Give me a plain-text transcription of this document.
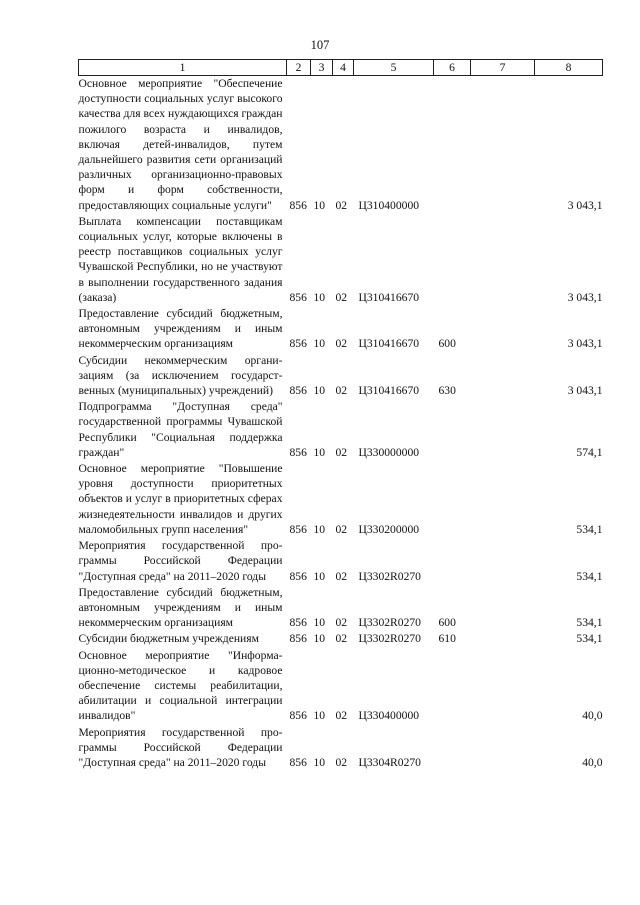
107
1	2	3	4	5	6	7	8
Основное мероприятие "Обеспечение доступности социальных услуг высокого качества для всех нуждающихся граждан пожилого возраста и инвалидов, включая детей-инвалидов, путем дальнейшего развития сети организаций различных организационно-правовых форм и форм собственности, предоставляющих социальные услуги"	856	10	02	Ц310400000			3 043,1
Выплата компенсации поставщикам социальных услуг, которые включены в реестр поставщиков социальных услуг Чувашской Республики, но не участвуют в выполнении государственного задания (заказа)	856	10	02	Ц310416670			3 043,1
Предоставление субсидий бюджетным, автономным учреждениям и иным некоммерческим организациям	856	10	02	Ц310416670	600		3 043,1
Субсидии некоммерческим организациям (за исключением государственных (муниципальных) учреждений)	856	10	02	Ц310416670	630		3 043,1
Подпрограмма "Доступная среда" государственной программы Чувашской Республики "Социальная поддержка граждан"	856	10	02	Ц330000000			574,1
Основное мероприятие "Повышение уровня доступности приоритетных объектов и услуг в приоритетных сферах жизнедеятельности инвалидов и других маломобильных групп населения"	856	10	02	Ц330200000			534,1
Мероприятия государственной программы Российской Федерации "Доступная среда" на 2011–2020 годы	856	10	02	Ц3302R0270			534,1
Предоставление субсидий бюджетным, автономным учреждениям и иным некоммерческим организациям	856	10	02	Ц3302R0270	600		534,1
Субсидии бюджетным учреждениям	856	10	02	Ц3302R0270	610		534,1
Основное мероприятие "Информационно-методическое и кадровое обеспечение системы реабилитации, абилитации и социальной интеграции инвалидов"	856	10	02	Ц330400000			40,0
Мероприятия государственной программы Российской Федерации "Доступная среда" на 2011–2020 годы	856	10	02	Ц3304R0270			40,0
